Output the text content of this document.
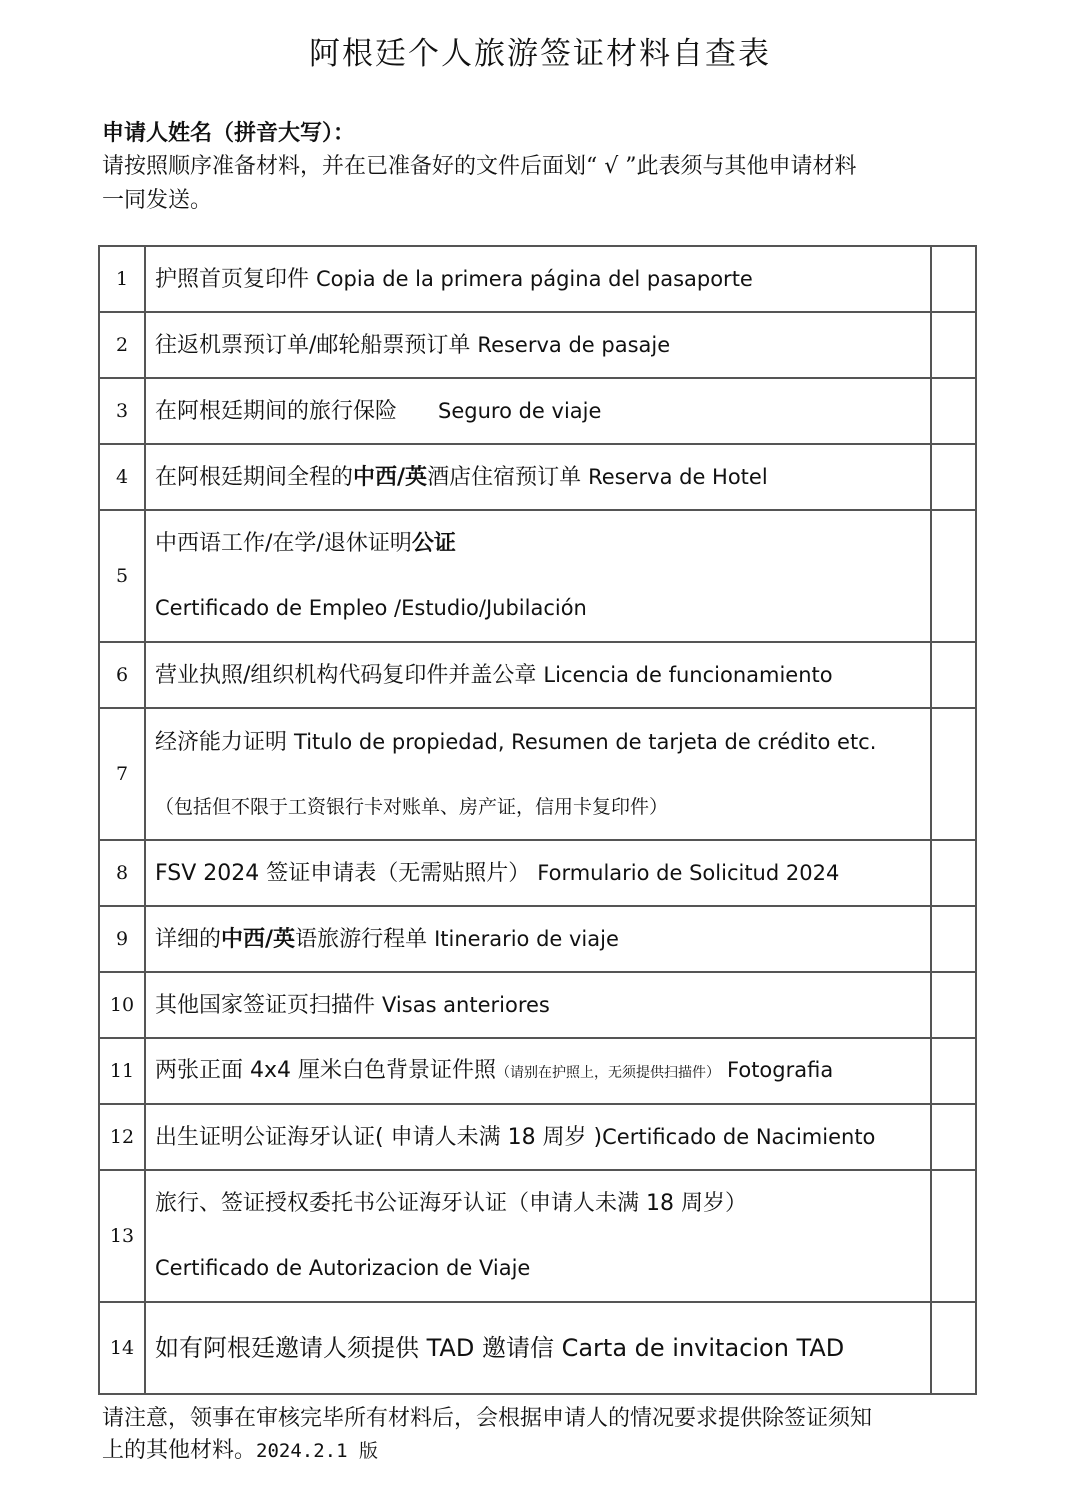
阿根廷个人旅游签证材料自查表

申请人姓名（拼音大写）：

请按照顺序准备材料，并在已准备好的文件后面划“ √ ”此表须与其他申请材料

一同发送。

1	护照首页复印件 Copia de la primera página del pasaporte	
2	往返机票预订单/邮轮船票预订单 Reserva de pasaje	
3	在阿根廷期间的旅行保险 Seguro de viaje	
4	在阿根廷期间全程的中西/英酒店住宿预订单 Reserva de Hotel	
5	中西语工作/在学/退休证明公证
Certificado de Empleo /Estudio/Jubilación	

6	营业执照/组织机构代码复印件并盖公章 Licencia de funcionamiento	
7	经济能力证明 Titulo de propiedad, Resumen de tarjeta de crédito etc.
（包括但不限于工资银行卡对账单、房产证，信用卡复印件）	

8	FSV 2024 签证申请表（无需贴照片） Formulario de Solicitud 2024	
9	详细的中西/英语旅游行程单 Itinerario de viaje	
10	其他国家签证页扫描件 Visas anteriores	
11	两张正面 4x4 厘米白色背景证件照（请别在护照上，无须提供扫描件） Fotografia	
12	出生证明公证海牙认证( 申请人未满 18 周岁 )Certificado de Nacimiento	
13	旅行、签证授权委托书公证海牙认证（申请人未满 18 周岁）
Certificado de Autorizacion de Viaje	

14	如有阿根廷邀请人须提供 TAD 邀请信 Carta de invitacion TAD	

请注意，领事在审核完毕所有材料后，会根据申请人的情况要求提供除签证须知

上的其他材料。2024.2.1 版
